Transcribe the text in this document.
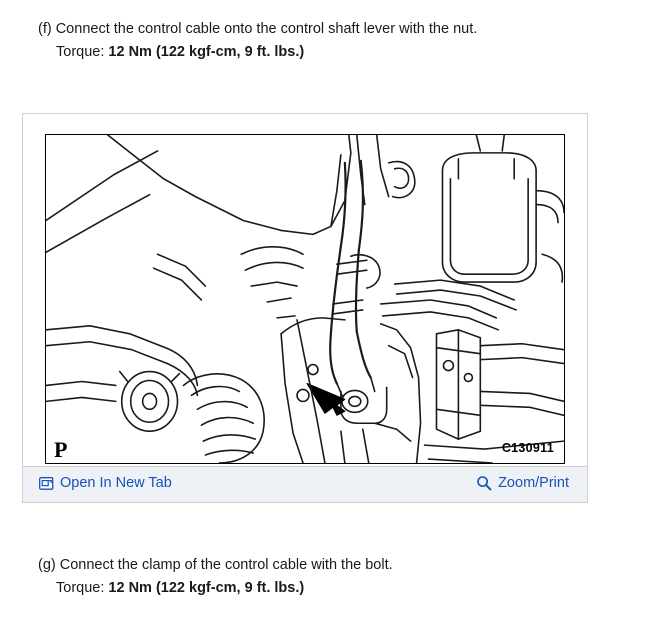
(f) Connect the control cable onto the control shaft lever with the nut.
Torque: 12 Nm (122 kgf-cm, 9 ft. lbs.)
P	C130911
Open In New Tab	Zoom/Print
(g) Connect the clamp of the control cable with the bolt.
Torque: 12 Nm (122 kgf-cm, 9 ft. lbs.)
